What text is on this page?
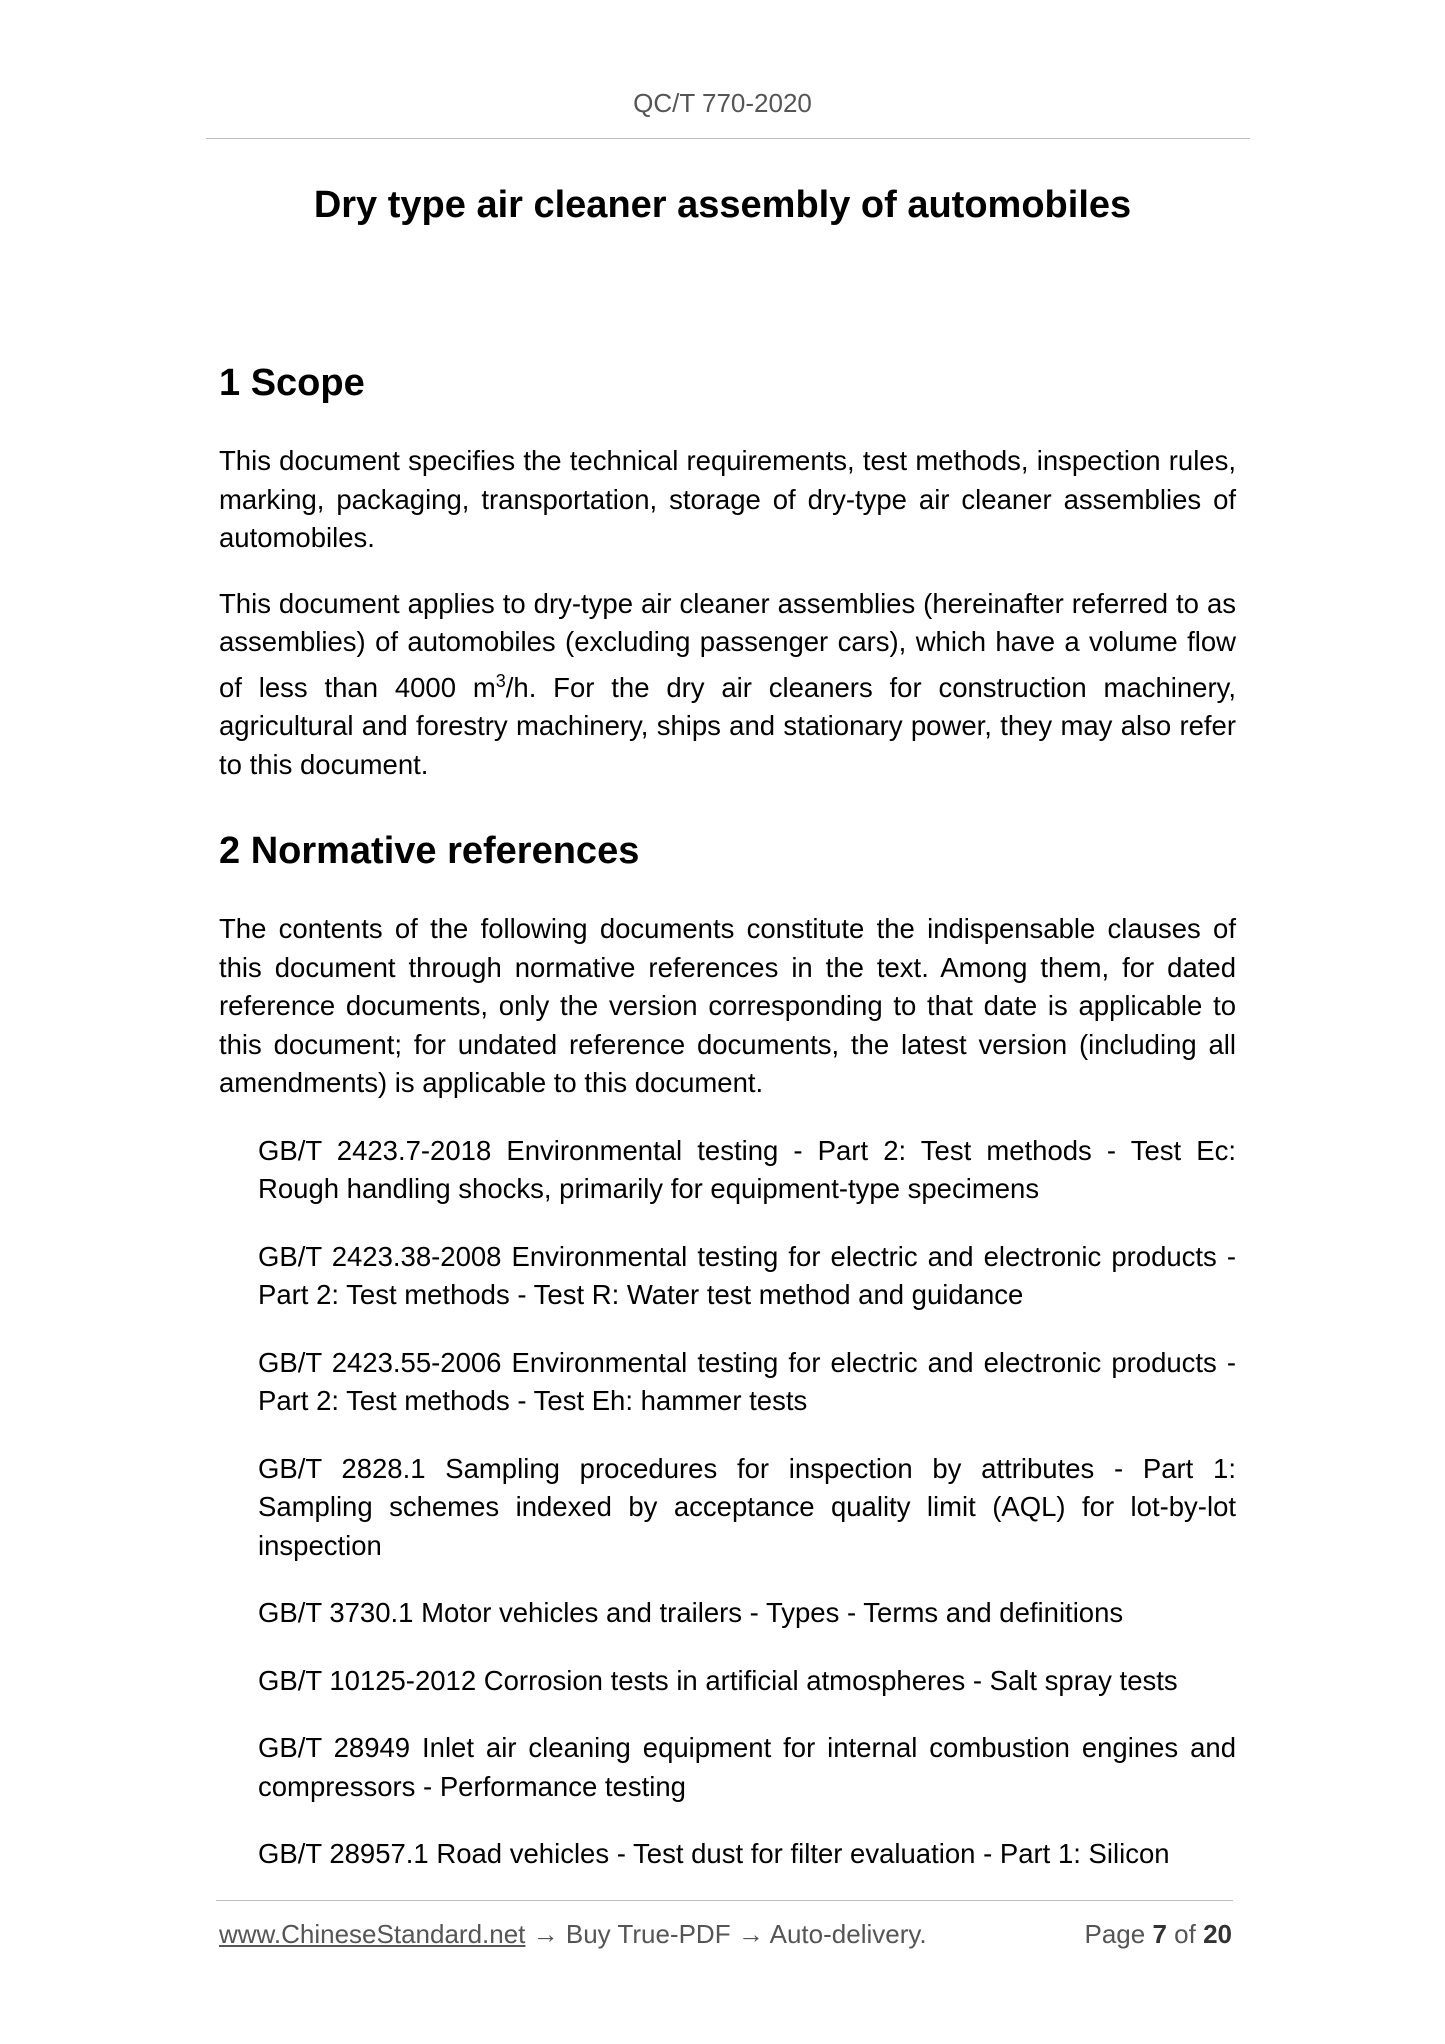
QC/T 770-2020
Dry type air cleaner assembly of automobiles
1 Scope

This document specifies the technical requirements, test methods, inspection rules, marking, packaging, transportation, storage of dry-type air cleaner assemblies of automobiles.

This document applies to dry-type air cleaner assemblies (hereinafter referred to as assemblies) of automobiles (excluding passenger cars), which have a volume flow of less than 4000 $m^3/h$. For the dry air cleaners for construction machinery, agricultural and forestry machinery, ships and stationary power, they may also refer to this document.

2 Normative references

The contents of the following documents constitute the indispensable clauses of this document through normative references in the text. Among them, for dated reference documents, only the version corresponding to that date is applicable to this document; for undated reference documents, the latest version (including all amendments) is applicable to this document.

GB/T 2423.7-2018 Environmental testing - Part 2: Test methods - Test Ec: Rough handling shocks, primarily for equipment-type specimens
GB/T 2423.38-2008 Environmental testing for electric and electronic products - Part 2: Test methods - Test R: Water test method and guidance
GB/T 2423.55-2006 Environmental testing for electric and electronic products - Part 2: Test methods - Test Eh: hammer tests
GB/T 2828.1 Sampling procedures for inspection by attributes - Part 1: Sampling schemes indexed by acceptance quality limit (AQL) for lot-by-lot inspection
GB/T 3730.1 Motor vehicles and trailers - Types - Terms and definitions
GB/T 10125-2012 Corrosion tests in artificial atmospheres - Salt spray tests
GB/T 28949 Inlet air cleaning equipment for internal combustion engines and compressors - Performance testing
GB/T 28957.1 Road vehicles - Test dust for filter evaluation - Part 1: Silicon
www.ChineseStandard.net → Buy True-PDF → Auto-delivery.	Page 7 of 20
